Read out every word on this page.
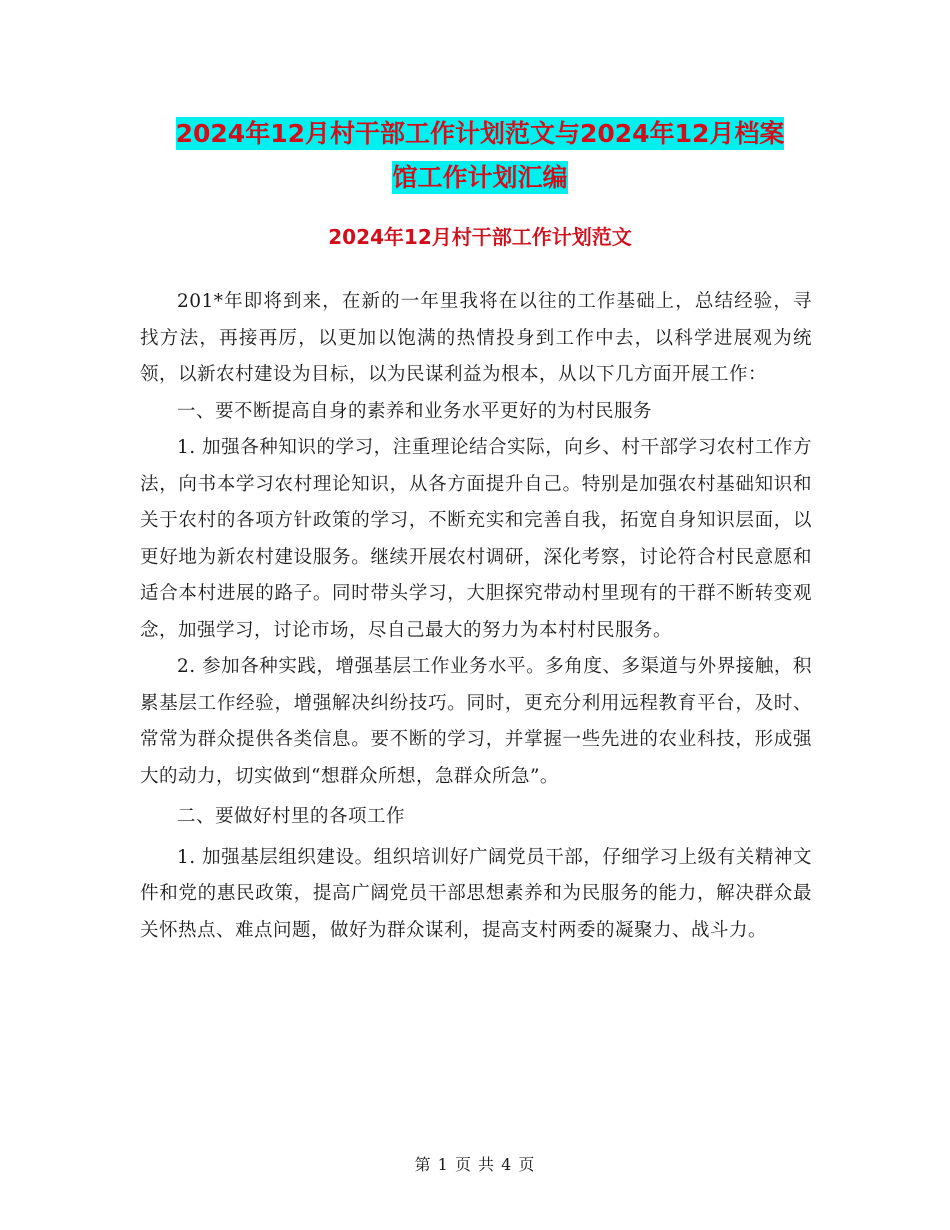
2024年12月村干部工作计划范文与2024年12月档案
馆工作计划汇编
2024年12月村干部工作计划范文

201*年即将到来，在新的一年里我将在以往的工作基础上，总结经验，寻找方法，再接再厉，以更加以饱满的热情投身到工作中去，以科学进展观为统领，以新农村建设为目标，以为民谋利益为根本，从以下几方面开展工作：

一、要不断提高自身的素养和业务水平更好的为村民服务

1. 加强各种知识的学习，注重理论结合实际，向乡、村干部学习农村工作方法，向书本学习农村理论知识，从各方面提升自己。特别是加强农村基础知识和关于农村的各项方针政策的学习，不断充实和完善自我，拓宽自身知识层面，以更好地为新农村建设服务。继续开展农村调研，深化考察，讨论符合村民意愿和适合本村进展的路子。同时带头学习，大胆探究带动村里现有的干群不断转变观念，加强学习，讨论市场，尽自己最大的努力为本村村民服务。

2. 参加各种实践，增强基层工作业务水平。多角度、多渠道与外界接触，积累基层工作经验，增强解决纠纷技巧。同时，更充分利用远程教育平台，及时、常常为群众提供各类信息。要不断的学习，并掌握一些先进的农业科技，形成强大的动力，切实做到“想群众所想，急群众所急”。

二、要做好村里的各项工作

1. 加强基层组织建设。组织培训好广阔党员干部，仔细学习上级有关精神文件和党的惠民政策，提高广阔党员干部思想素养和为民服务的能力，解决群众最关怀热点、难点问题，做好为群众谋利，提高支村两委的凝聚力、战斗力。

第 1 页 共 4 页
